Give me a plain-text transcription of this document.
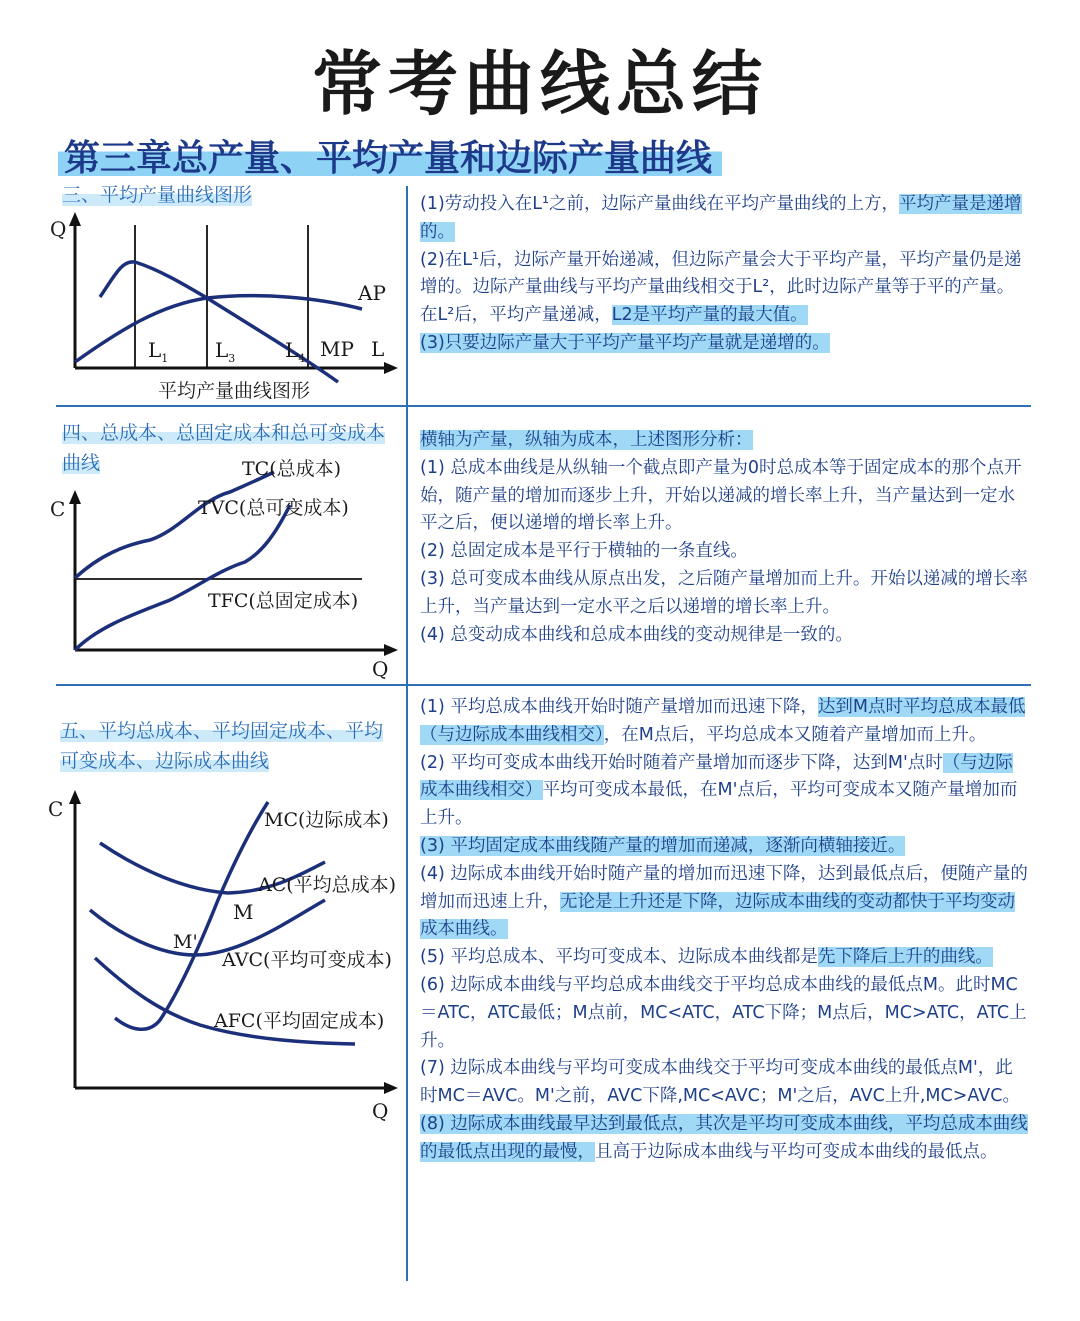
常考曲线总结
第三章总产量、平均产量和边际产量曲线
三、平均产量曲线图形
Q
AP
$L_1$ $L_3$ $L_4$ MP L
平均产量曲线图形

(1)劳动投入在L¹之前，边际产量曲线在平均产量曲线的上方，平均产量是递增的。

(2)在L¹后，边际产量开始递减，但边际产量会大于平均产量，平均产量仍是递增的。边际产量曲线与平均产量曲线相交于L²，此时边际产量等于平的产量。在L²后，平均产量递减，L2是平均产量的最大值。

(3)只要边际产量大于平均产量平均产量就是递增的。

四、总成本、总固定成本和总可变成本
曲线
C
TC(总成本)
TVC(总可变成本)
TFC(总固定成本)
Q

横轴为产量，纵轴为成本，上述图形分析：

(1) 总成本曲线是从纵轴一个截点即产量为0时总成本等于固定成本的那个点开始，随产量的增加而逐步上升，开始以递减的增长率上升，当产量达到一定水平之后，便以递增的增长率上升。

(2) 总固定成本是平行于横轴的一条直线。

(3) 总可变成本曲线从原点出发，之后随产量增加而上升。开始以递减的增长率上升，当产量达到一定水平之后以递增的增长率上升。

(4) 总变动成本曲线和总成本曲线的变动规律是一致的。

五、平均总成本、平均固定成本、平均
可变成本、边际成本曲线
C	MC(边际成本)
AC(平均总成本)
M
M'
AVC(平均可变成本)
AFC(平均固定成本)
Q

(1) 平均总成本曲线开始时随产量增加而迅速下降，达到M点时平均总成本最低（与边际成本曲线相交），在M点后，平均总成本又随着产量增加而上升。

(2) 平均可变成本曲线开始时随着产量增加而逐步下降，达到M'点时（与边际成本曲线相交）平均可变成本最低，在M'点后，平均可变成本又随产量增加而上升。

(3) 平均固定成本曲线随产量的增加而递减，逐渐向横轴接近。

(4) 边际成本曲线开始时随产量的增加而迅速下降，达到最低点后，便随产量的增加而迅速上升，无论是上升还是下降，边际成本曲线的变动都快于平均变动成本曲线。

(5) 平均总成本、平均可变成本、边际成本曲线都是先下降后上升的曲线。

(6) 边际成本曲线与平均总成本曲线交于平均总成本曲线的最低点M。此时MC＝ATC，ATC最低；M点前，MC<ATC，ATC下降；M点后，MC>ATC，ATC上升。

(7) 边际成本曲线与平均可变成本曲线交于平均可变成本曲线的最低点M'，此时MC＝AVC。M'之前，AVC下降,MC<AVC；M'之后，AVC上升,MC>AVC。

(8) 边际成本曲线最早达到最低点，其次是平均可变成本曲线，平均总成本曲线的最低点出现的最慢，且高于边际成本曲线与平均可变成本曲线的最低点。
